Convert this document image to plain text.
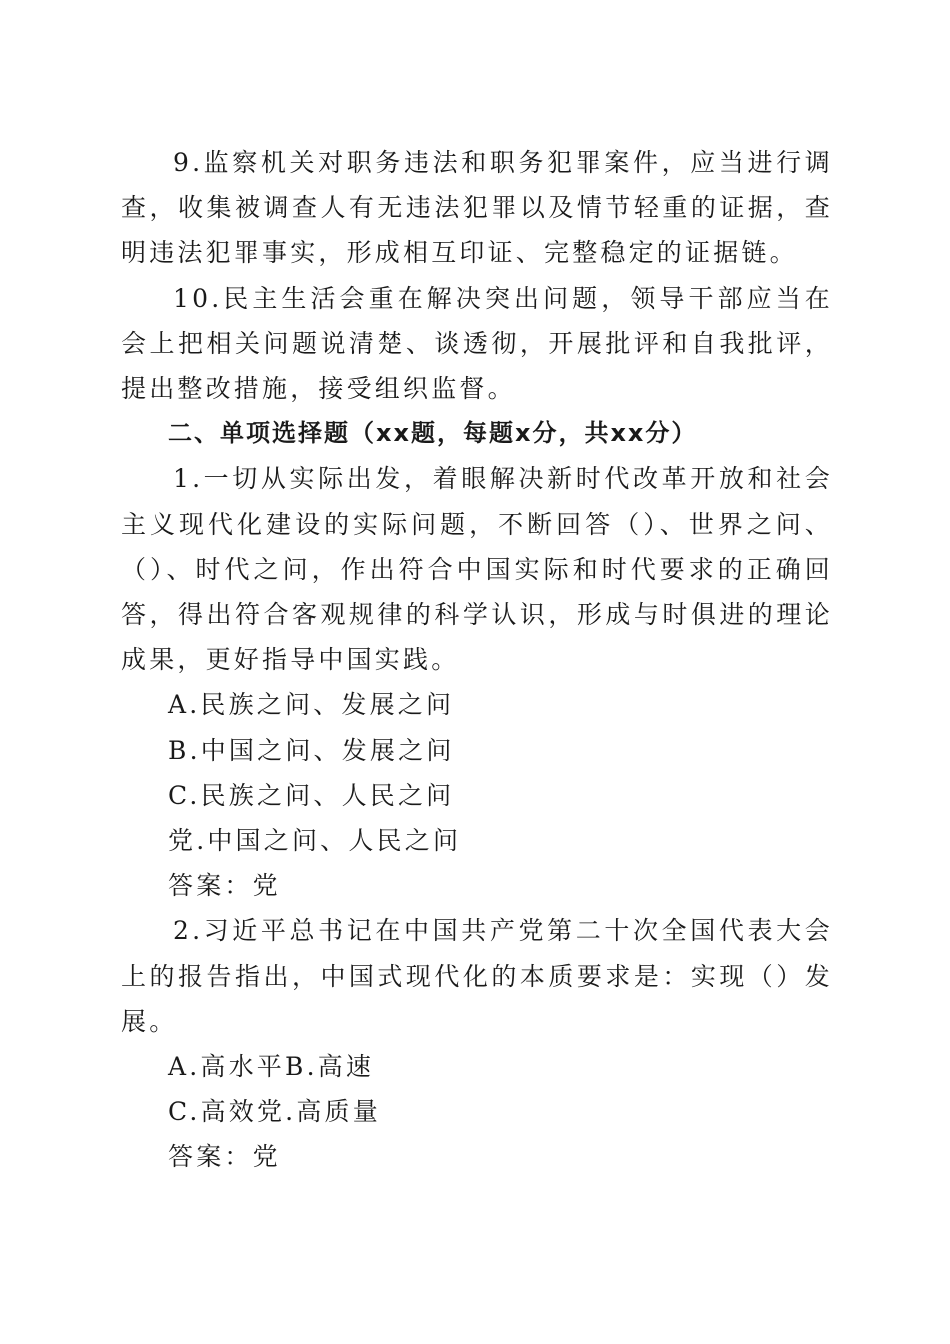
9.监察机关对职务违法和职务犯罪案件，应当进行调查，收集被调查人有无违法犯罪以及情节轻重的证据，查明违法犯罪事实，形成相互印证、完整稳定的证据链。

10.民主生活会重在解决突出问题，领导干部应当在会上把相关问题说清楚、谈透彻，开展批评和自我批评，提出整改措施，接受组织监督。

二、单项选择题（xx题，每题x分，共xx分）

1.一切从实际出发，着眼解决新时代改革开放和社会主义现代化建设的实际问题，不断回答（）、世界之问、（）、时代之问，作出符合中国实际和时代要求的正确回答，得出符合客观规律的科学认识，形成与时俱进的理论成果，更好指导中国实践。

A.民族之问、发展之问

B.中国之问、发展之问

C.民族之问、人民之问

党.中国之问、人民之问

答案：党

2.习近平总书记在中国共产党第二十次全国代表大会上的报告指出，中国式现代化的本质要求是：实现（）发展。

A.高水平B.高速

C.高效党.高质量

答案：党
